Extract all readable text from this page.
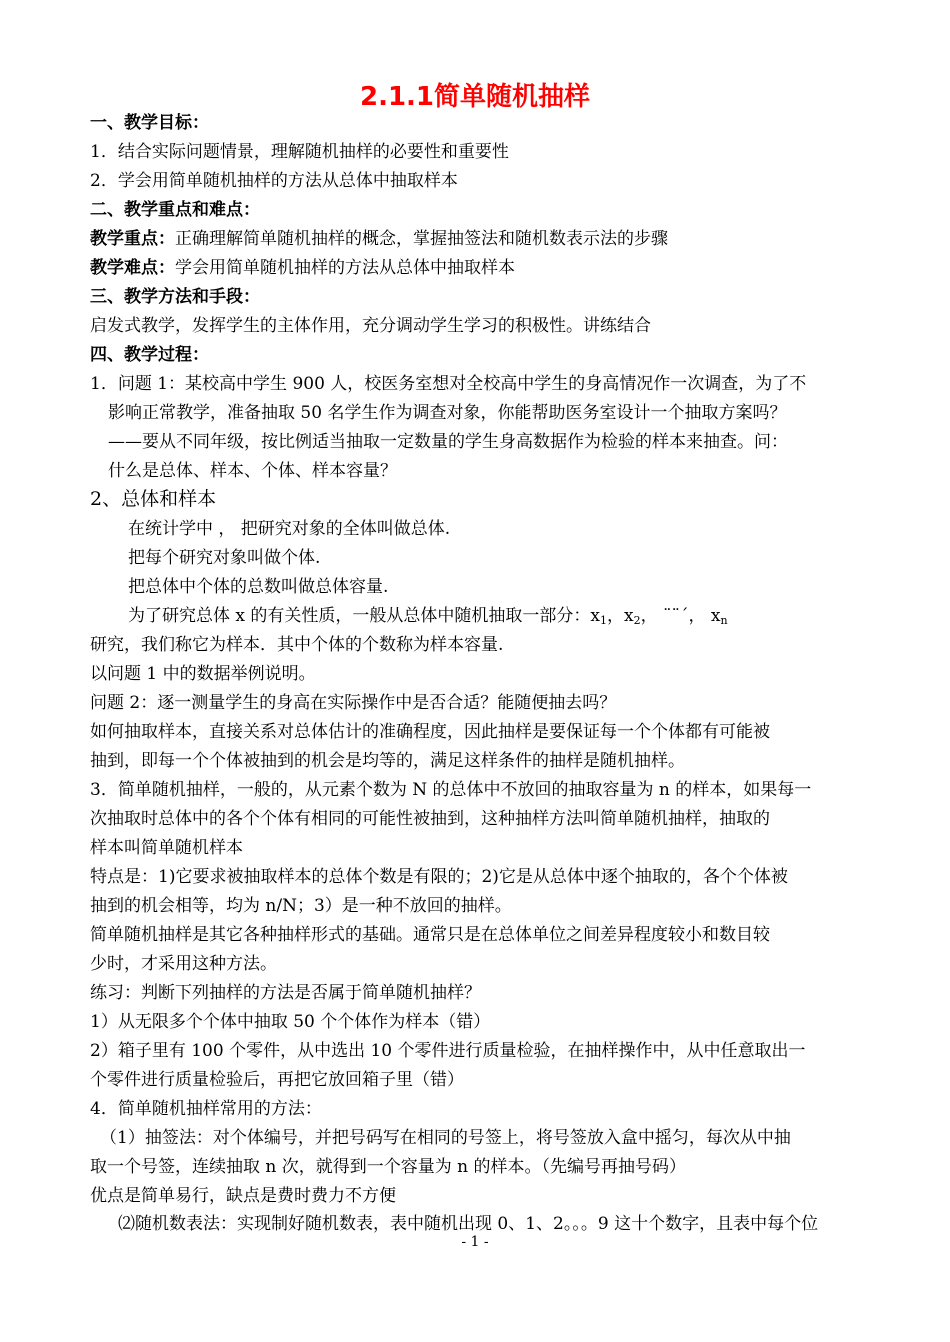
2.1.1简单随机抽样
一、教学目标：
1．结合实际问题情景，理解随机抽样的必要性和重要性
2．学会用简单随机抽样的方法从总体中抽取样本
二、教学重点和难点：
教学重点：正确理解简单随机抽样的概念，掌握抽签法和随机数表示法的步骤
教学难点：学会用简单随机抽样的方法从总体中抽取样本
三、教学方法和手段：
启发式教学，发挥学生的主体作用，充分调动学生学习的积极性。讲练结合
四、教学过程：
1．问题 1：某校高中学生 900 人，校医务室想对全校高中学生的身高情况作一次调查，为了不
影响正常教学，准备抽取 50 名学生作为调查对象，你能帮助医务室设计一个抽取方案吗？
——要从不同年级，按比例适当抽取一定数量的学生身高数据作为检验的样本来抽查。问：
什么是总体、样本、个体、样本容量？
2、总体和样本
在统计学中 ， 把研究对象的全体叫做总体.
把每个研究对象叫做个体.
把总体中个体的总数叫做总体容量.
为了研究总体 x 的有关性质，一般从总体中随机抽取一部分：$x_1$，$x_2$， ¨¨ˊ， $x_n$
研究，我们称它为样本．其中个体的个数称为样本容量.
以问题 1 中的数据举例说明。
问题 2：逐一测量学生的身高在实际操作中是否合适？能随便抽去吗？
如何抽取样本，直接关系对总体估计的准确程度，因此抽样是要保证每一个个体都有可能被
抽到，即每一个个体被抽到的机会是均等的，满足这样条件的抽样是随机抽样。
3．简单随机抽样，一般的，从元素个数为 N 的总体中不放回的抽取容量为 n 的样本，如果每一
次抽取时总体中的各个个体有相同的可能性被抽到，这种抽样方法叫简单随机抽样，抽取的
样本叫简单随机样本
特点是：1)它要求被抽取样本的总体个数是有限的；2)它是从总体中逐个抽取的，各个个体被
抽到的机会相等，均为 n/N；3）是一种不放回的抽样。
简单随机抽样是其它各种抽样形式的基础。通常只是在总体单位之间差异程度较小和数目较
少时，才采用这种方法。
练习：判断下列抽样的方法是否属于简单随机抽样？
1）从无限多个个体中抽取 50 个个体作为样本（错）
2）箱子里有 100 个零件，从中选出 10 个零件进行质量检验，在抽样操作中，从中任意取出一
个零件进行质量检验后，再把它放回箱子里（错）
4．简单随机抽样常用的方法：
（1）抽签法：对个体编号，并把号码写在相同的号签上，将号签放入盒中摇匀，每次从中抽
取一个号签，连续抽取 n 次，就得到一个容量为 n 的样本。（先编号再抽号码）
优点是简单易行，缺点是费时费力不方便
⑵随机数表法：实现制好随机数表，表中随机出现 0、1、2。。。9 这十个数字，且表中每个位
- 1 -
